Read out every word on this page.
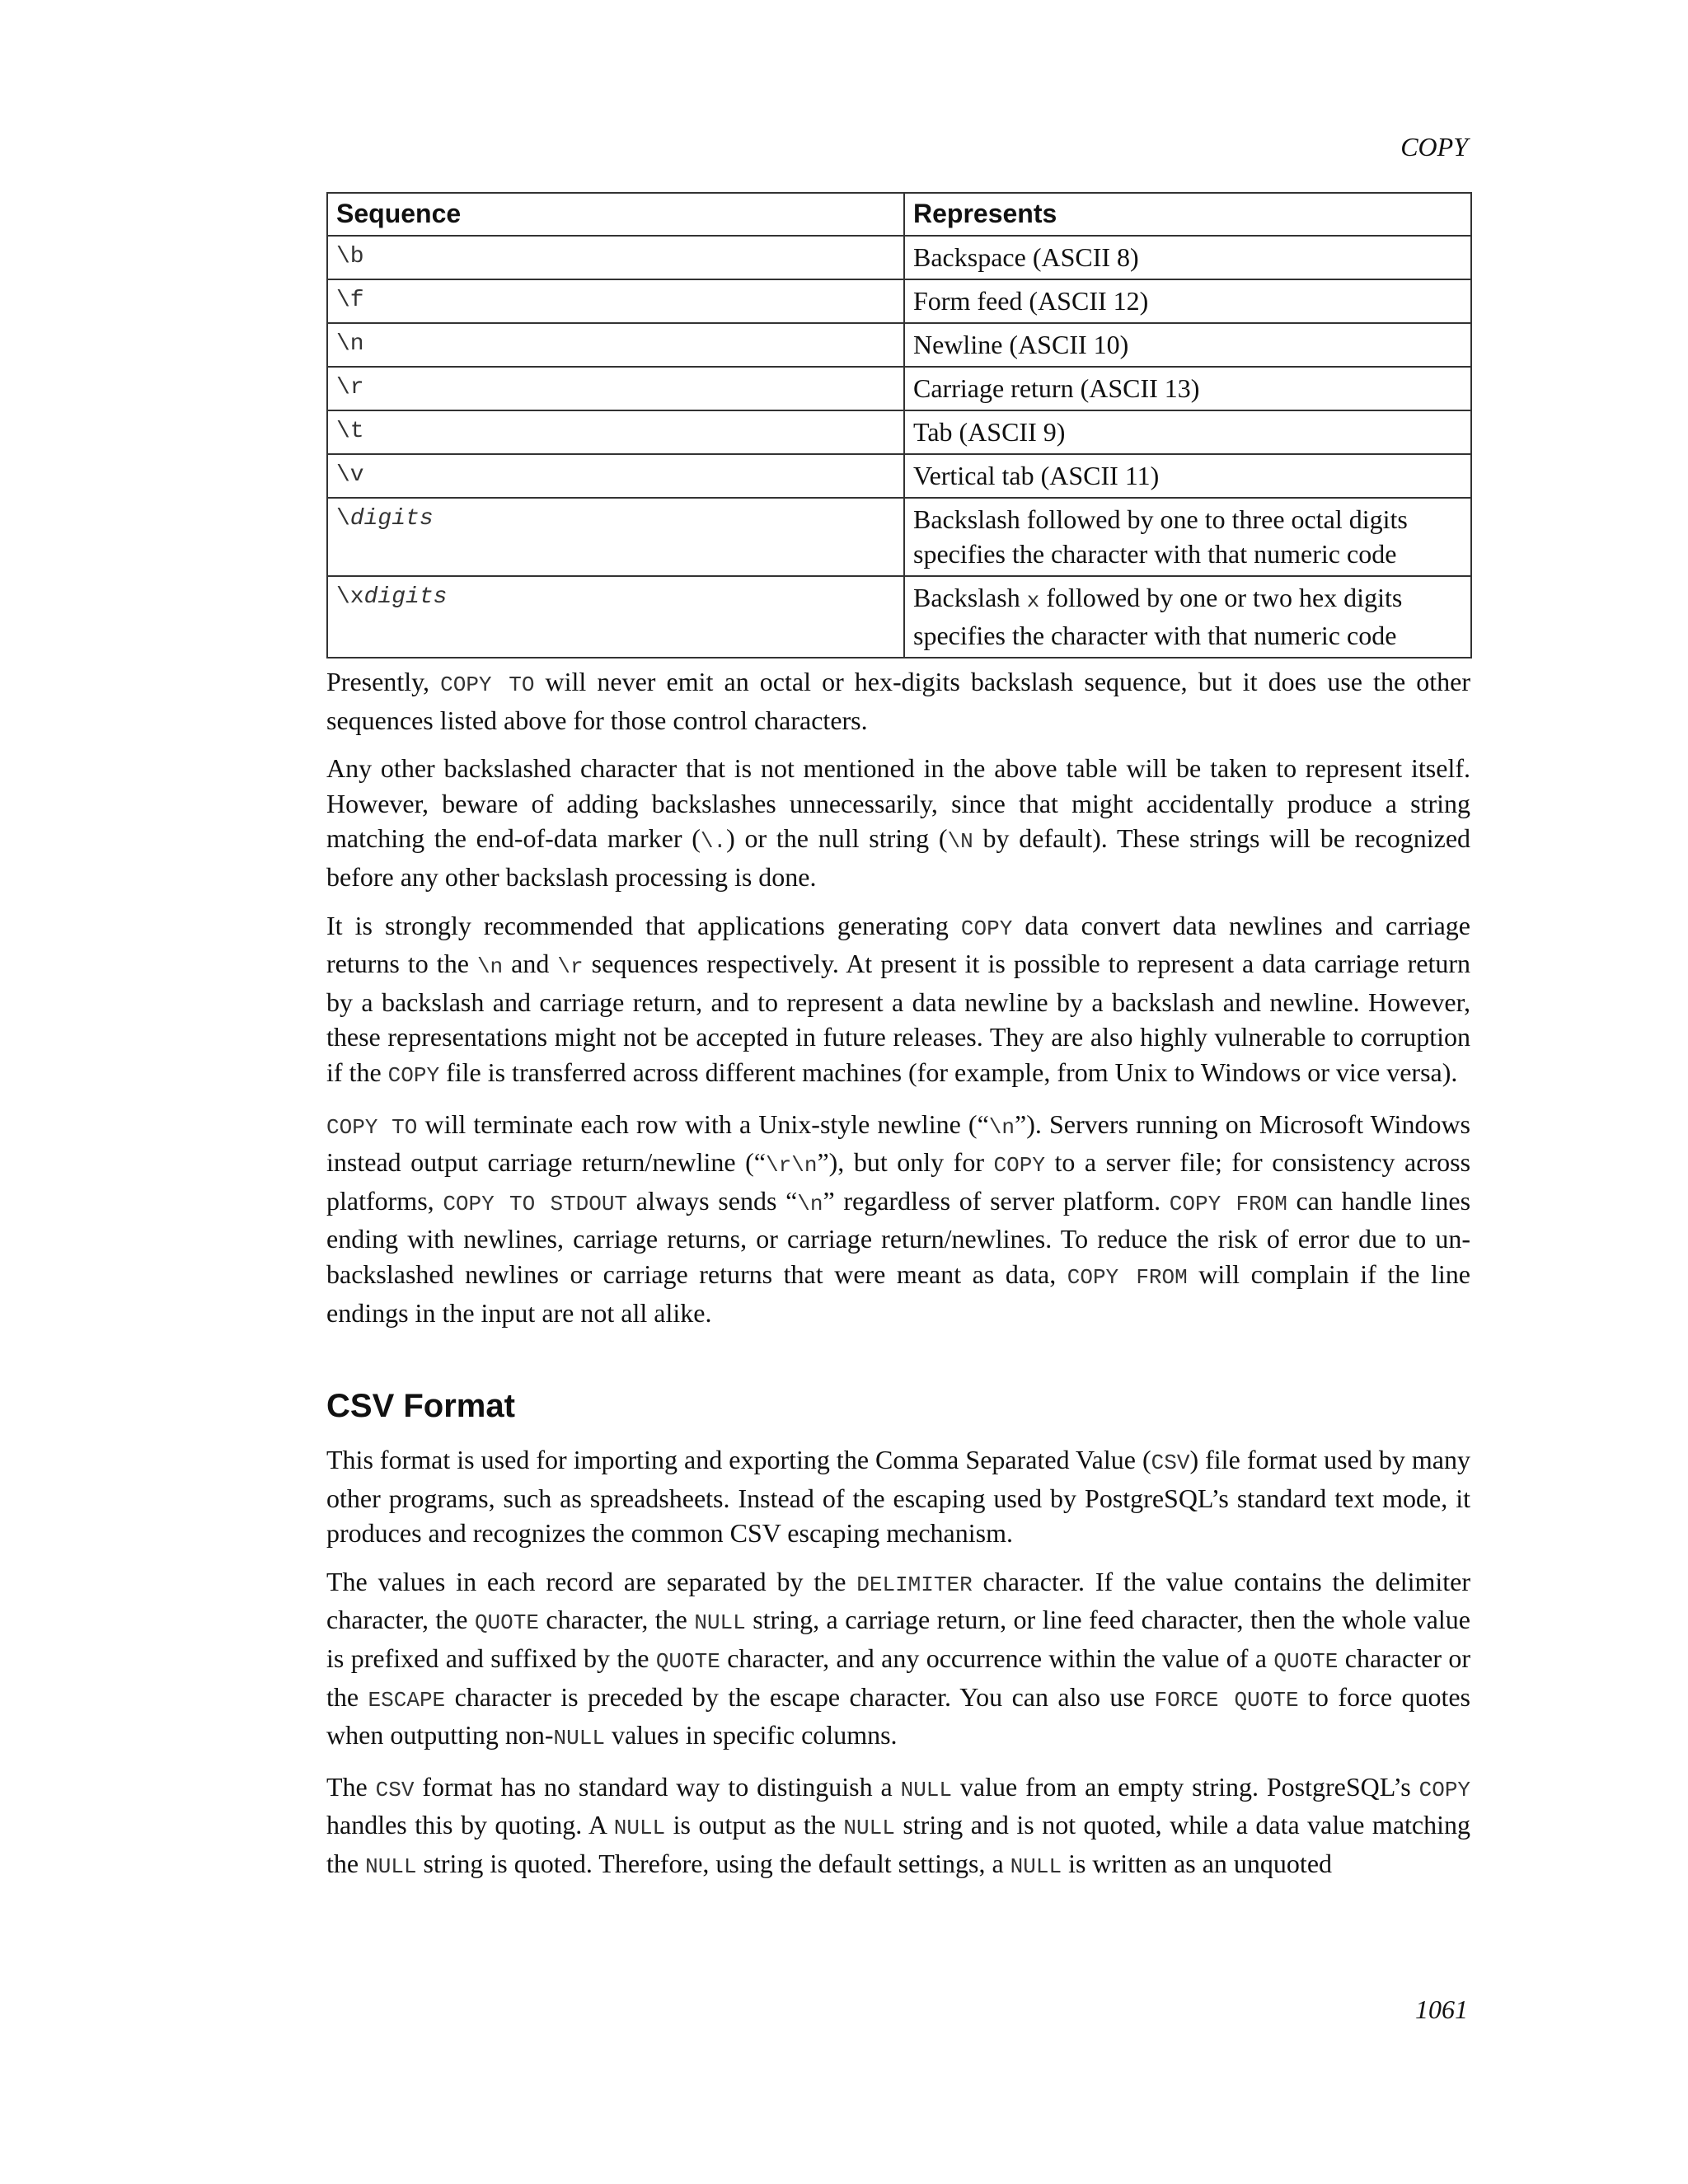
COPY
Sequence	Represents
\b	Backspace (ASCII 8)
\f	Form feed (ASCII 12)
\n	Newline (ASCII 10)
\r	Carriage return (ASCII 13)
\t	Tab (ASCII 9)
\v	Vertical tab (ASCII 11)
\digits	Backslash followed by one to three octal digits specifies the character with that numeric code
\xdigits	Backslash x followed by one or two hex digits specifies the character with that numeric code

Presently, COPY TO will never emit an octal or hex-digits backslash sequence, but it does use the other sequences listed above for those control characters.

Any other backslashed character that is not mentioned in the above table will be taken to represent itself. However, beware of adding backslashes unnecessarily, since that might accidentally produce a string matching the end-of-data marker (\.) or the null string (\N by default). These strings will be recognized before any other backslash processing is done.

It is strongly recommended that applications generating COPY data convert data newlines and carriage returns to the \n and \r sequences respectively. At present it is possible to represent a data carriage return by a backslash and carriage return, and to represent a data newline by a backslash and newline. However, these representations might not be accepted in future releases. They are also highly vulnerable to corruption if the COPY file is transferred across different machines (for example, from Unix to Windows or vice versa).

COPY TO will terminate each row with a Unix-style newline (“\n”). Servers running on Microsoft Windows instead output carriage return/newline (“\r\n”), but only for COPY to a server file; for consistency across platforms, COPY TO STDOUT always sends “\n” regardless of server platform. COPY FROM can handle lines ending with newlines, carriage returns, or carriage return/newlines. To reduce the risk of error due to un-backslashed newlines or carriage returns that were meant as data, COPY FROM will complain if the line endings in the input are not all alike.

CSV Format

This format is used for importing and exporting the Comma Separated Value (CSV) file format used by many other programs, such as spreadsheets. Instead of the escaping used by PostgreSQL’s standard text mode, it produces and recognizes the common CSV escaping mechanism.

The values in each record are separated by the DELIMITER character. If the value contains the delimiter character, the QUOTE character, the NULL string, a carriage return, or line feed character, then the whole value is prefixed and suffixed by the QUOTE character, and any occurrence within the value of a QUOTE character or the ESCAPE character is preceded by the escape character. You can also use FORCE QUOTE to force quotes when outputting non-NULL values in specific columns.

The CSV format has no standard way to distinguish a NULL value from an empty string. PostgreSQL’s COPY handles this by quoting. A NULL is output as the NULL string and is not quoted, while a data value matching the NULL string is quoted. Therefore, using the default settings, a NULL is written as an unquoted

1061
